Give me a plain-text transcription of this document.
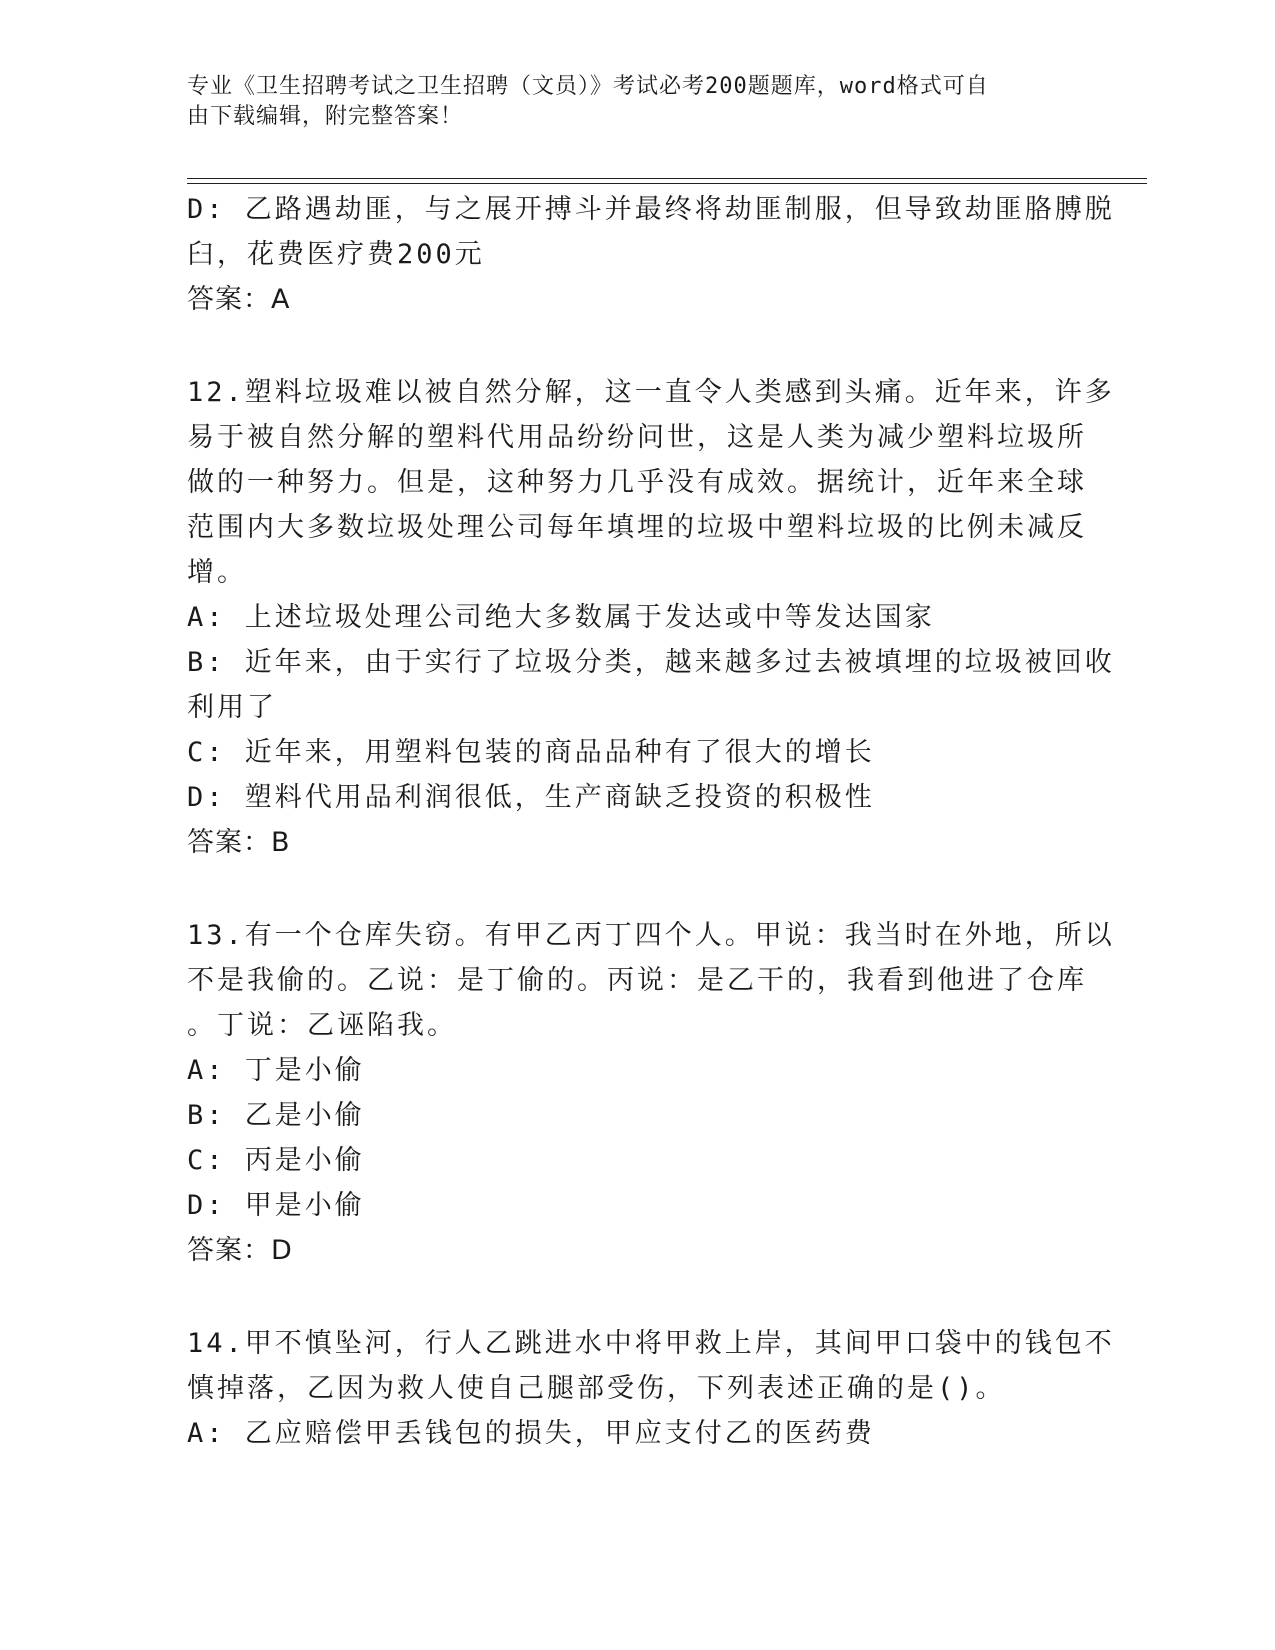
专业《卫生招聘考试之卫生招聘（文员）》考试必考200题题库，word格式可自
由下载编辑，附完整答案！
D: 乙路遇劫匪，与之展开搏斗并最终将劫匪制服，但导致劫匪胳膊脱
臼，花费医疗费200元
答案：A
12.塑料垃圾难以被自然分解，这一直令人类感到头痛。近年来，许多
易于被自然分解的塑料代用品纷纷问世，这是人类为减少塑料垃圾所
做的一种努力。但是，这种努力几乎没有成效。据统计，近年来全球
范围内大多数垃圾处理公司每年填埋的垃圾中塑料垃圾的比例未减反
增。
A: 上述垃圾处理公司绝大多数属于发达或中等发达国家
B: 近年来，由于实行了垃圾分类，越来越多过去被填埋的垃圾被回收
利用了
C: 近年来，用塑料包装的商品品种有了很大的增长
D: 塑料代用品利润很低，生产商缺乏投资的积极性
答案：B
13.有一个仓库失窃。有甲乙丙丁四个人。甲说：我当时在外地，所以
不是我偷的。乙说：是丁偷的。丙说：是乙干的，我看到他进了仓库
。丁说：乙诬陷我。
A: 丁是小偷
B: 乙是小偷
C: 丙是小偷
D: 甲是小偷
答案：D
14.甲不慎坠河，行人乙跳进水中将甲救上岸，其间甲口袋中的钱包不
慎掉落，乙因为救人使自己腿部受伤，下列表述正确的是()。
A: 乙应赔偿甲丢钱包的损失，甲应支付乙的医药费
